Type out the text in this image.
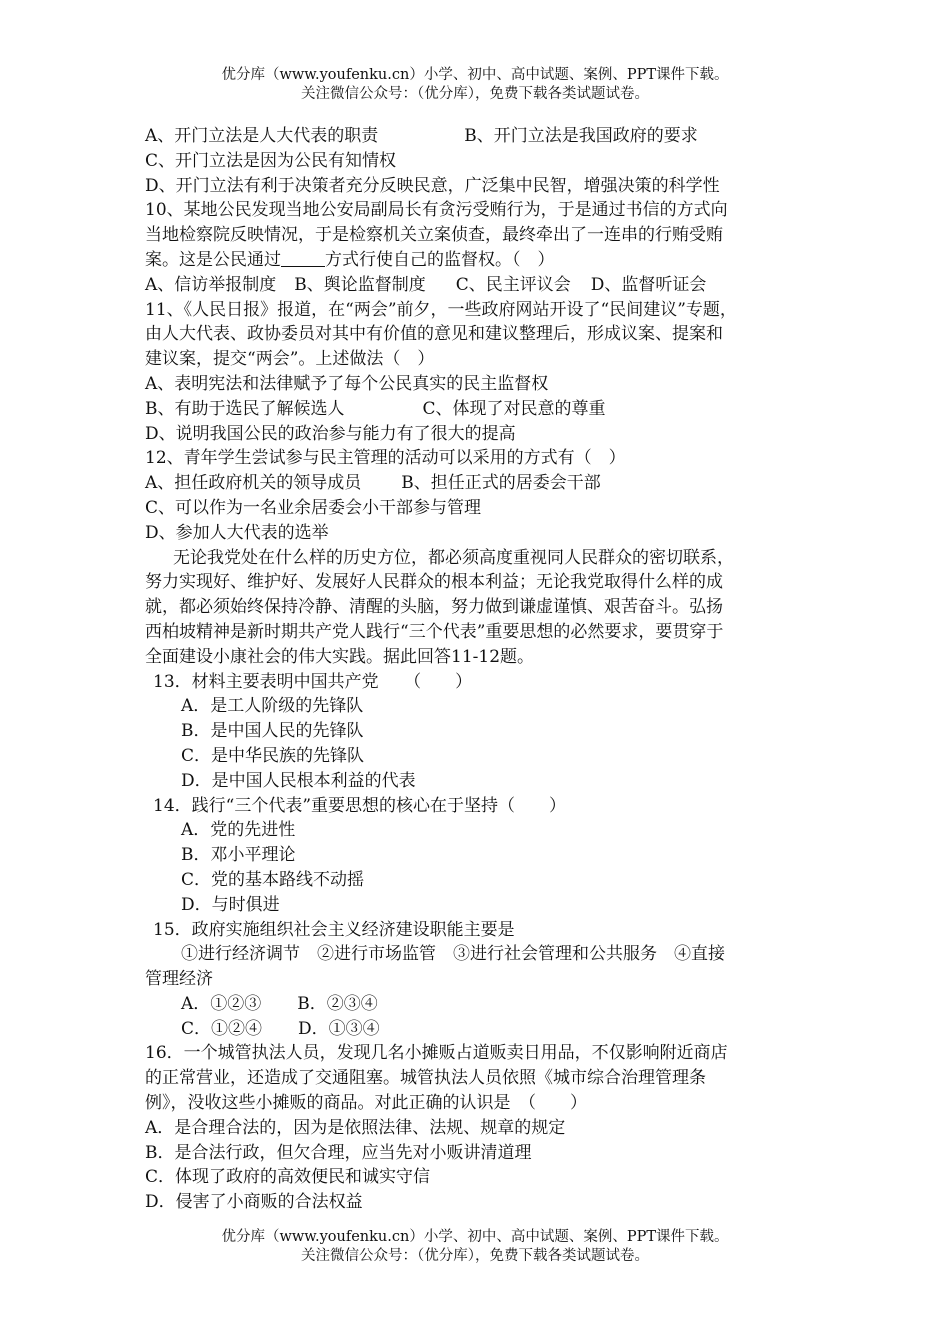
优分库（www.youfenku.cn）小学、初中、高中试题、案例、PPT课件下载。
关注微信公众号：（优分库），免费下载各类试题试卷。
A、开门立法是人大代表的职责	B、开门立法是我国政府的要求
C、开门立法是因为公民有知情权
D、开门立法有利于决策者充分反映民意，广泛集中民智，增强决策的科学性
10、某地公民发现当地公安局副局长有贪污受贿行为，于是通过书信的方式向
当地检察院反映情况，于是检察机关立案侦查，最终牵出了一连串的行贿受贿
案。这是公民通过	方式行使自己的监督权。（　）
A、信访举报制度 B、舆论监督制度 C、民主评议会 D、监督听证会
11、《人民日报》报道，在“两会”前夕，一些政府网站开设了“民间建议”专题，
由人大代表、政协委员对其中有价值的意见和建议整理后，形成议案、提案和
建议案，提交“两会”。上述做法（　）
A、表明宪法和法律赋予了每个公民真实的民主监督权
B、有助于选民了解候选人	C、体现了对民意的尊重
D、说明我国公民的政治参与能力有了很大的提高
12、青年学生尝试参与民主管理的活动可以采用的方式有（　）
A、担任政府机关的领导成员 B、担任正式的居委会干部
C、可以作为一名业余居委会小干部参与管理
D、参加人大代表的选举
无论我党处在什么样的历史方位，都必须高度重视同人民群众的密切联系，
努力实现好、维护好、发展好人民群众的根本利益；无论我党取得什么样的成
就，都必须始终保持冷静、清醒的头脑，努力做到谦虚谨慎、艰苦奋斗。弘扬
西柏坡精神是新时期共产党人践行“三个代表”重要思想的必然要求，要贯穿于
全面建设小康社会的伟大实践。据此回答11-12题。
13．材料主要表明中国共产党　　（　　）
A．是工人阶级的先锋队
B．是中国人民的先锋队
C．是中华民族的先锋队
D．是中国人民根本利益的代表
14．践行“三个代表”重要思想的核心在于坚持（　　）
A．党的先进性
B．邓小平理论
C．党的基本路线不动摇
D．与时俱进
15．政府实施组织社会主义经济建设职能主要是
①进行经济调节　②进行市场监管　③进行社会管理和公共服务　④直接
管理经济
A．①②③ B．②③④
C．①②④ D．①③④
16．一个城管执法人员，发现几名小摊贩占道贩卖日用品，不仅影响附近商店
的正常营业，还造成了交通阻塞。城管执法人员依照《城市综合治理管理条
例》，没收这些小摊贩的商品。对此正确的认识是　（　　）
A．是合理合法的，因为是依照法律、法规、规章的规定
B．是合法行政，但欠合理，应当先对小贩讲清道理
C．体现了政府的高效便民和诚实守信
D．侵害了小商贩的合法权益
优分库（www.youfenku.cn）小学、初中、高中试题、案例、PPT课件下载。
关注微信公众号：（优分库），免费下载各类试题试卷。
